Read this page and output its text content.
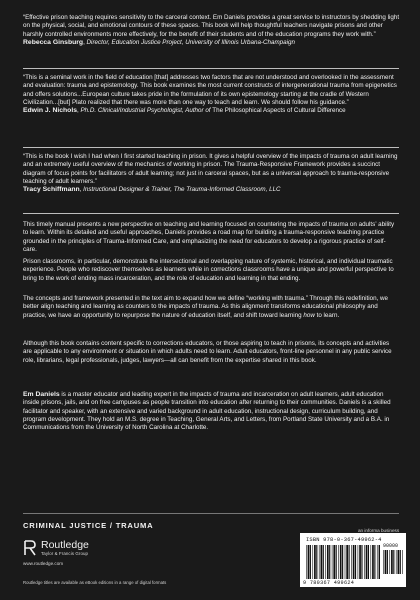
“Effective prison teaching requires sensitivity to the carceral context. Em Daniels provides a great service to instructors by shedding light on the physical, social, and emotional contours of these spaces. This book will help thoughtful teachers navigate prisons and other harshly controlled environments more effectively, for the benefit of their students and of the education programs they work with.”

Rebecca Ginsburg, Director, Education Justice Project, University of Illinois Urbana-Champaign

“This is a seminal work in the field of education [that] addresses two factors that are not understood and overlooked in the assessment and evaluation: trauma and epistemology. This book examines the most current constructs of intergenerational trauma from epigenetics and offers solutions...European culture takes pride in the formulation of its own epistemology starting at the cradle of Western Civilization...[but] Plato realized that there was more than one way to teach and learn. We should follow his guidance.”

Edwin J. Nichols, Ph.D. Clinical/Industrial Psychologist, Author of The Philosophical Aspects of Cultural Difference

“This is the book I wish I had when I first started teaching in prison. It gives a helpful overview of the impacts of trauma on adult learning and an extremely useful overview of the mechanics of working in prison. The Trauma-Responsive Framework provides a succinct diagram of focus points for facilitators of adult learning; not just in carceral spaces, but as a universal approach to trauma-responsive teaching of adult learners.”

Tracy Schiffmann, Instructional Designer & Trainer, The Trauma-Informed Classroom, LLC

This timely manual presents a new perspective on teaching and learning focused on countering the impacts of trauma on adults’ ability to learn. Within its detailed and useful approaches, Daniels provides a road map for building a trauma-responsive teaching practice grounded in the principles of Trauma-Informed Care, and emphasizing the need for educators to develop a rigorous practice of self-care.

Prison classrooms, in particular, demonstrate the intersectional and overlapping nature of systemic, historical, and individual traumatic experience. People who rediscover themselves as learners while in corrections classrooms have a unique and powerful perspective to bring to the work of ending mass incarceration, and the role of education and learning in that ending.

The concepts and framework presented in the text aim to expand how we define “working with trauma.” Through this redefinition, we better align teaching and learning as counters to the impacts of trauma. As this alignment transforms educational philosophy and practice, we have an opportunity to repurpose the nature of education itself, and shift toward learning how to learn.

Although this book contains content specific to corrections educators, or those aspiring to teach in prisons, its concepts and activities are applicable to any environment or situation in which adults need to learn. Adult educators, front-line personnel in any public service role, librarians, legal professionals, judges, lawyers—all can benefit from the expertise shared in this book.

Em Daniels is a master educator and leading expert in the impacts of trauma and incarceration on adult learners, adult education inside prisons, jails, and on free campuses as people transition into education after returning to their communities. Daniels is a skilled facilitator and speaker, with an extensive and varied background in adult education, instructional design, curriculum building, and program development. They hold an M.S. degree in Teaching, General Arts, and Letters, from Portland State University and a B.A. in Communications from the University of North Carolina at Charlotte.

CRIMINAL JUSTICE / TRAUMA
Routledge
Taylor & Francis Group
www.routledge.com
Routledge titles are available as eBook editions in a range of digital formats
an informa business
ISBN 978-0-367-49962-4
90000
9 780367 499624
